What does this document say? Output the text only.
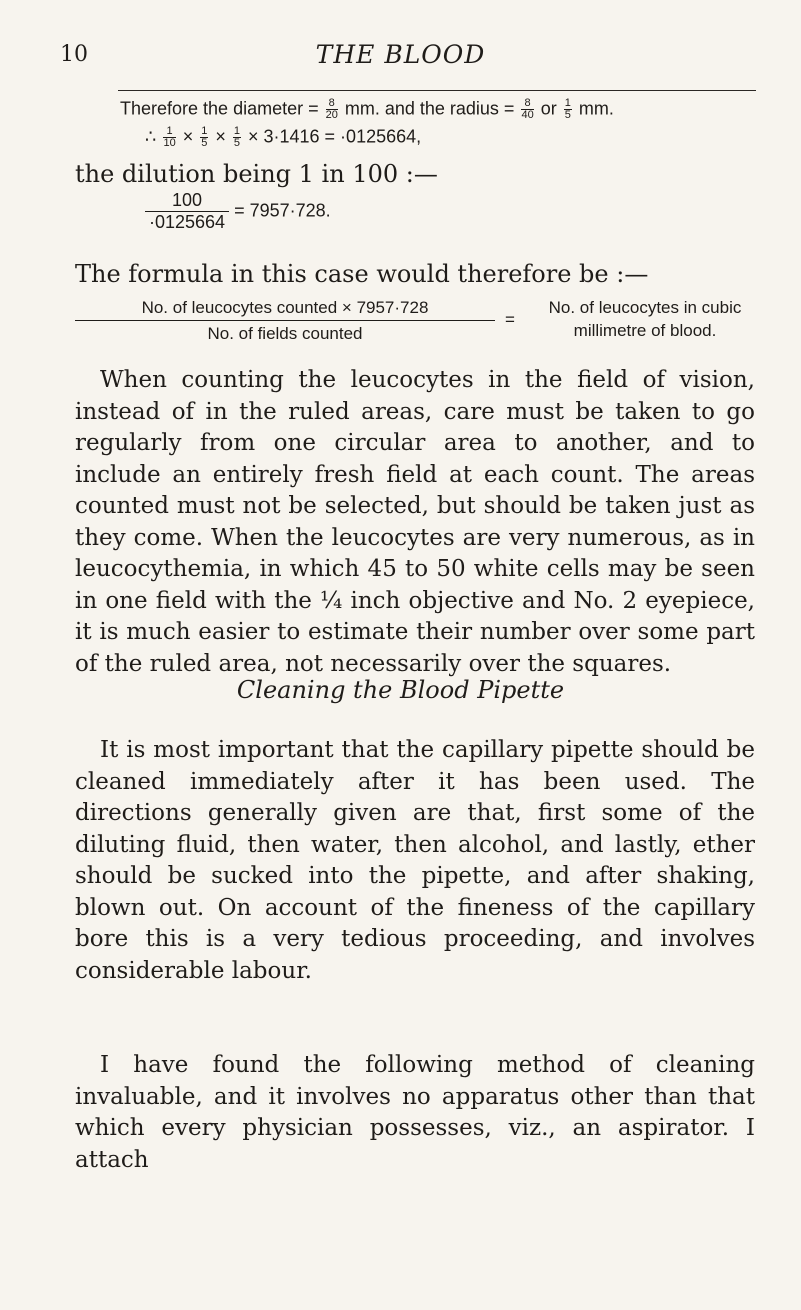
10	THE BLOOD
Therefore the diameter = $\frac{8}{20}$ mm. and the radius = $\frac{8}{40}$ or $\frac{1}{5}$ mm.
∴ $\frac{1}{10} \times \frac{1}{5} \times \frac{1}{5} \times 3\cdot 1416 = \cdot 0125664$,
the dilution being 1 in 100 :—
$\frac{100}{\cdot 0125664} = 7957\cdot 728$.
The formula in this case would therefore be :—
No. of leucocytes counted × 7957·728
No. of fields counted
=
No. of leucocytes in cubic
millimetre of blood.

When counting the leucocytes in the field of vision, instead of in the ruled areas, care must be taken to go regularly from one circular area to another, and to include an entirely fresh field at each count. The areas counted must not be selected, but should be taken just as they come. When the leucocytes are very numerous, as in leucocythemia, in which 45 to 50 white cells may be seen in one field with the ¼ inch objective and No. 2 eyepiece, it is much easier to estimate their number over some part of the ruled area, not necessarily over the squares.

Cleaning the Blood Pipette

It is most important that the capillary pipette should be cleaned immediately after it has been used. The directions generally given are that, first some of the diluting fluid, then water, then alcohol, and lastly, ether should be sucked into the pipette, and after shaking, blown out. On account of the fineness of the capillary bore this is a very tedious proceeding, and involves considerable labour.

I have found the following method of cleaning invaluable, and it involves no apparatus other than that which every physician possesses, viz., an aspirator. I attach
